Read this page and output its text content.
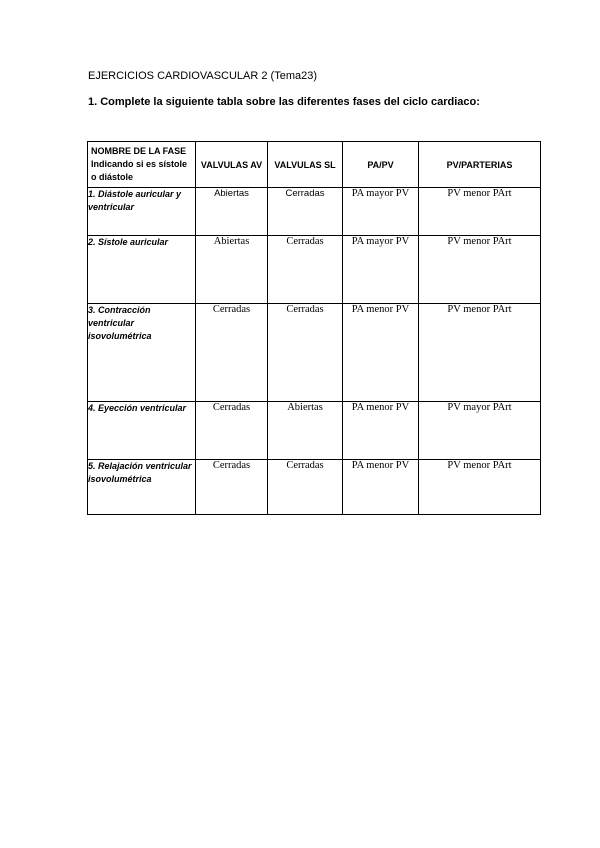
EJERCICIOS CARDIOVASCULAR 2 (Tema23)
1. Complete la siguiente tabla sobre las diferentes fases del ciclo cardiaco:
NOMBRE DE LA FASE
Indicando si es sístole o diástole	VALVULAS AV	VALVULAS SL	PA/PV	PV/PARTERIAS
1. Diástole auricular y ventricular	Abiertas	Cerradas	PA mayor PV	PV menor PArt
2. Sístole auricular	Abiertas	Cerradas	PA mayor PV	PV menor PArt
3. Contracción ventricular isovolumétrica	Cerradas	Cerradas	PA menor PV	PV menor PArt
4. Eyección ventricular	Cerradas	Abiertas	PA menor PV	PV mayor PArt
5. Relajación ventricular isovolumétrica	Cerradas	Cerradas	PA menor PV	PV menor PArt
